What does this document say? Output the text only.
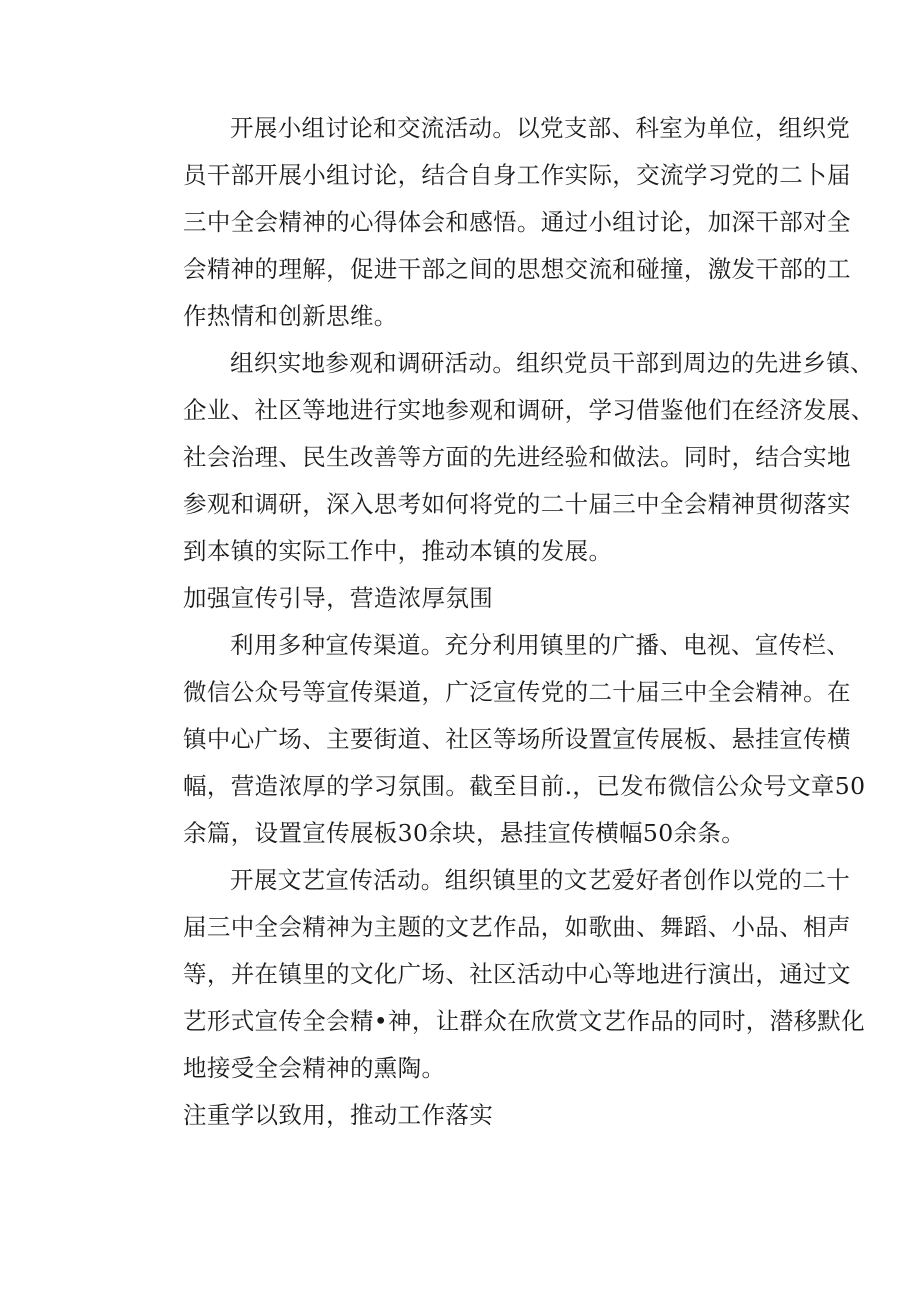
开展小组讨论和交流活动。以党支部、科室为单位，组织党
员干部开展小组讨论，结合自身工作实际，交流学习党的二卜届
三中全会精神的心得体会和感悟。通过小组讨论，加深干部对全
会精神的理解，促进干部之间的思想交流和碰撞，激发干部的工
作热情和创新思维。
组织实地参观和调研活动。组织党员干部到周边的先进乡镇、
企业、社区等地进行实地参观和调研，学习借鉴他们在经济发展、
社会治理、民生改善等方面的先进经验和做法。同时，结合实地
参观和调研，深入思考如何将党的二十届三中全会精神贯彻落实
到本镇的实际工作中，推动本镇的发展。
加强宣传引导，营造浓厚氛围
利用多种宣传渠道。充分利用镇里的广播、电视、宣传栏、
微信公众号等宣传渠道，广泛宣传党的二十届三中全会精神。在
镇中心广场、主要街道、社区等场所设置宣传展板、悬挂宣传横
幅，营造浓厚的学习氛围。截至目前.，已发布微信公众号文章50
余篇，设置宣传展板30余块，悬挂宣传横幅50余条。
开展文艺宣传活动。组织镇里的文艺爱好者创作以党的二十
届三中全会精神为主题的文艺作品，如歌曲、舞蹈、小品、相声
等，并在镇里的文化广场、社区活动中心等地进行演出，通过文
艺形式宣传全会精•神，让群众在欣赏文艺作品的同时，潜移默化
地接受全会精神的熏陶。
注重学以致用，推动工作落实
